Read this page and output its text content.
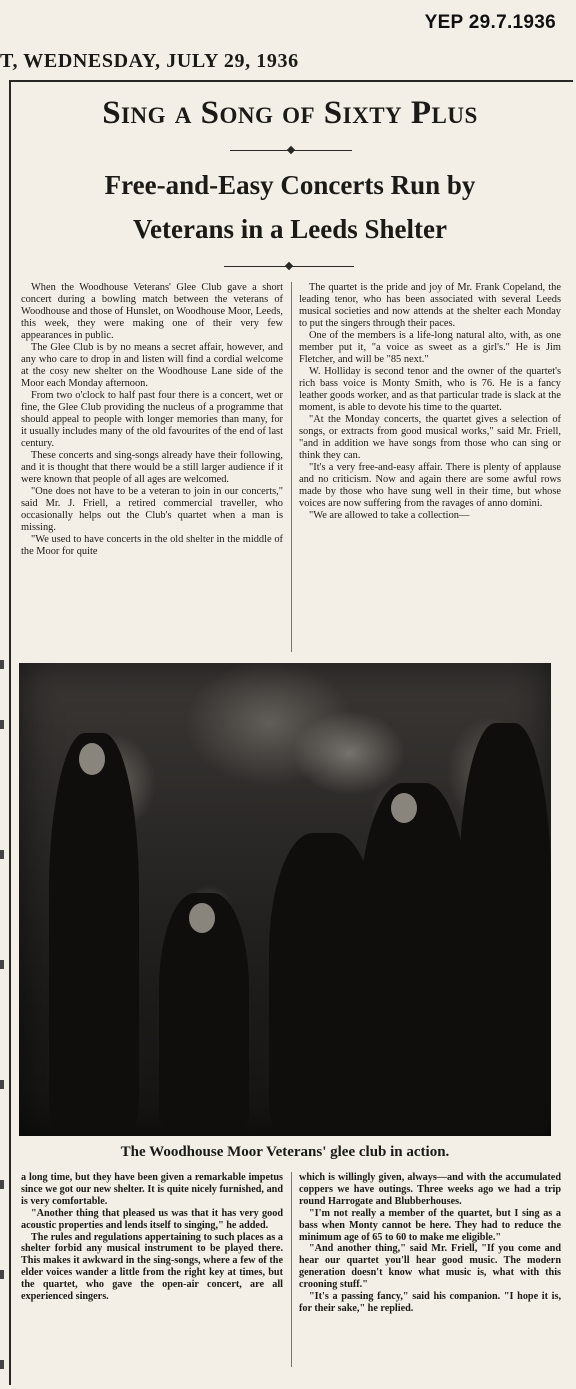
YEP 29.7.1936
T, WEDNESDAY, JULY 29, 1936
Sing a Song of Sixty Plus
Free-and-Easy Concerts Run by
Veterans in a Leeds Shelter

When the Woodhouse Veterans' Glee Club gave a short concert during a bowling match between the veterans of Woodhouse and those of Hunslet, on Woodhouse Moor, Leeds, this week, they were making one of their very few appearances in public.

The Glee Club is by no means a secret affair, however, and any who care to drop in and listen will find a cordial welcome at the cosy new shelter on the Woodhouse Lane side of the Moor each Monday afternoon.

From two o'clock to half past four there is a concert, wet or fine, the Glee Club providing the nucleus of a programme that should appeal to people with longer memories than many, for it usually includes many of the old favourites of the end of last century.

These concerts and sing-songs already have their following, and it is thought that there would be a still larger audience if it were known that people of all ages are welcomed.

"One does not have to be a veteran to join in our concerts," said Mr. J. Friell, a retired commercial traveller, who occasionally helps out the Club's quartet when a man is missing.

"We used to have concerts in the old shelter in the middle of the Moor for quite

The quartet is the pride and joy of Mr. Frank Copeland, the leading tenor, who has been associated with several Leeds musical societies and now attends at the shelter each Monday to put the singers through their paces.

One of the members is a life-long natural alto, with, as one member put it, "a voice as sweet as a girl's." He is Jim Fletcher, and will be "85 next."

W. Holliday is second tenor and the owner of the quartet's rich bass voice is Monty Smith, who is 76. He is a fancy leather goods worker, and as that particular trade is slack at the moment, is able to devote his time to the quartet.

"At the Monday concerts, the quartet gives a selection of songs, or extracts from good musical works," said Mr. Friell, "and in addition we have songs from those who can sing or think they can.

"It's a very free-and-easy affair. There is plenty of applause and no criticism. Now and again there are some awful rows made by those who have sung well in their time, but whose voices are now suffering from the ravages of anno domini.

"We are allowed to take a collection—

The Woodhouse Moor Veterans' glee club in action.

a long time, but they have been given a remarkable impetus since we got our new shelter. It is quite nicely furnished, and is very comfortable.

"Another thing that pleased us was that it has very good acoustic properties and lends itself to singing," he added.

The rules and regulations appertaining to such places as a shelter forbid any musical instrument to be played there. This makes it awkward in the sing-songs, where a few of the elder voices wander a little from the right key at times, but the quartet, who gave the open-air concert, are all experienced singers.

which is willingly given, always—and with the accumulated coppers we have outings. Three weeks ago we had a trip round Harrogate and Blubberhouses.

"I'm not really a member of the quartet, but I sing as a bass when Monty cannot be here. They had to reduce the minimum age of 65 to 60 to make me eligible."

"And another thing," said Mr. Friell, "If you come and hear our quartet you'll hear good music. The modern generation doesn't know what music is, what with this crooning stuff."

"It's a passing fancy," said his companion. "I hope it is, for their sake," he replied.
